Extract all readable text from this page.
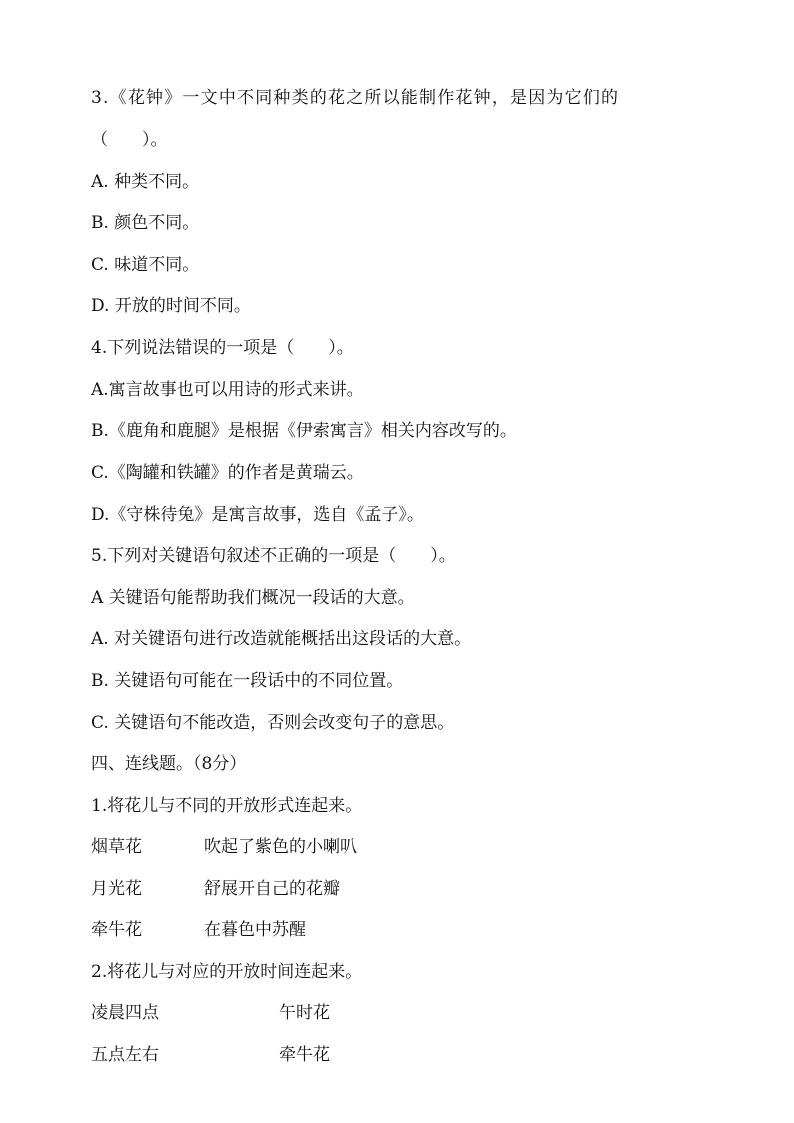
3.《花钟》一文中不同种类的花之所以能制作花钟，是因为它们的
（　　）。
A. 种类不同。
B. 颜色不同。
C. 味道不同。
D. 开放的时间不同。
4.下列说法错误的一项是（　　）。
A.寓言故事也可以用诗的形式来讲。
B.《鹿角和鹿腿》是根据《伊索寓言》相关内容改写的。
C.《陶罐和铁罐》的作者是黄瑞云。
D.《守株待兔》是寓言故事，选自《孟子》。
5.下列对关键语句叙述不正确的一项是（　　）。
A 关键语句能帮助我们概况一段话的大意。
A. 对关键语句进行改造就能概括出这段话的大意。
B. 关键语句可能在一段话中的不同位置。
C. 关键语句不能改造，否则会改变句子的意思。
四、连线题。（8分）
1.将花儿与不同的开放形式连起来。
烟草花	吹起了紫色的小喇叭
月光花	舒展开自己的花瓣
牵牛花	在暮色中苏醒
2.将花儿与对应的开放时间连起来。
凌晨四点	午时花
五点左右	牵牛花
